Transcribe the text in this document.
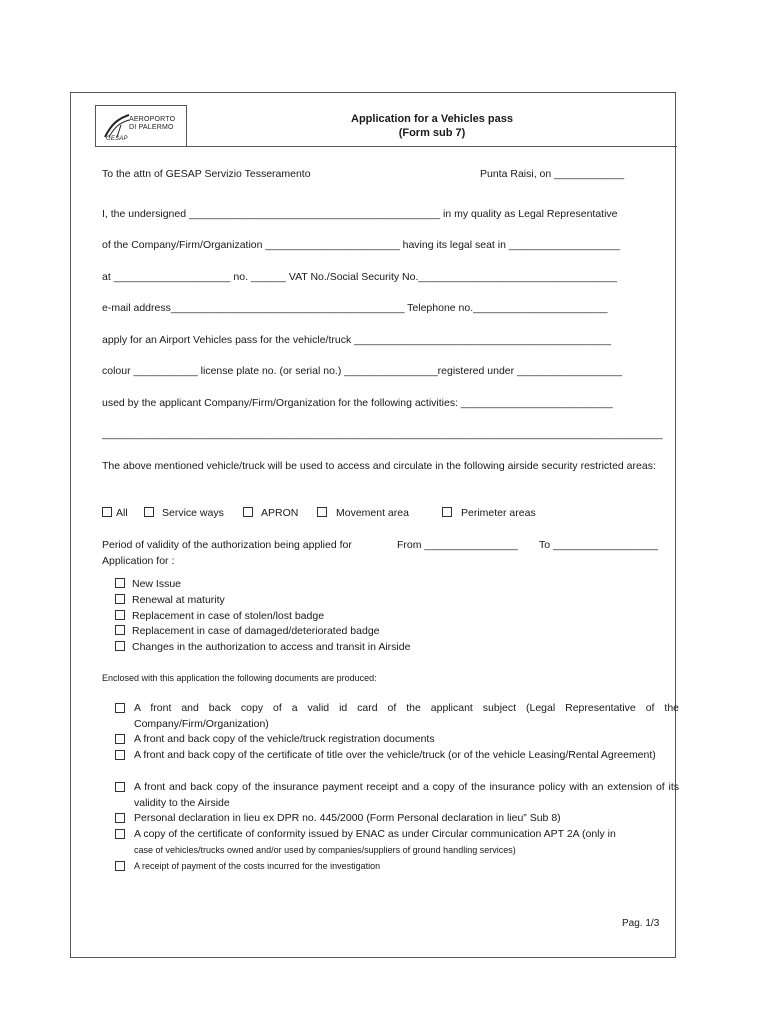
AEROPORTO
DI PALERMO
GESAP
Application for a Vehicles pass
(Form sub 7)
To the attn of GESAP Servizio Tesseramento	Punta Raisi, on ____________
I, the undersigned ___________________________________________ in my quality as Legal Representative
of the Company/Firm/Organization _______________________ having its legal seat in ___________________
at ____________________ no. ______ VAT No./Social Security No.__________________________________
e-mail address________________________________________ Telephone no._______________________
apply for an Airport Vehicles pass for the vehicle/truck ____________________________________________
colour ___________ license plate no. (or serial no.) ________________registered under __________________
used by the applicant Company/Firm/Organization for the following activities: __________________________
________________________________________________________________________________________________
The above mentioned vehicle/truck will be used to access and circulate in the following airside security restricted areas:
All	Service ways	APRON	Movement area	Perimeter areas
Period of validity of the authorization being applied for	From ________________ To __________________
Application for :
New Issue
Renewal at maturity
Replacement in case of stolen/lost badge
Replacement in case of damaged/deteriorated badge
Changes in the authorization to access and transit in Airside
Enclosed with this application the following documents are produced:
A front and back copy of a valid id card of the applicant subject (Legal Representative of the Company/Firm/Organization)
A front and back copy of the vehicle/truck registration documents
A front and back copy of the certificate of title over the vehicle/truck (or of the vehicle Leasing/Rental Agreement)
A front and back copy of the insurance payment receipt and a copy of the insurance policy with an extension of its validity to the Airside
Personal declaration in lieu ex DPR no. 445/2000 (Form Personal declaration in lieu” Sub 8)
A copy of the certificate of conformity issued by ENAC as under Circular communication APT 2A (only in
case of vehicles/trucks owned and/or used by companies/suppliers of ground handling services)
A receipt of payment of the costs incurred for the investigation
Pag. 1/3
